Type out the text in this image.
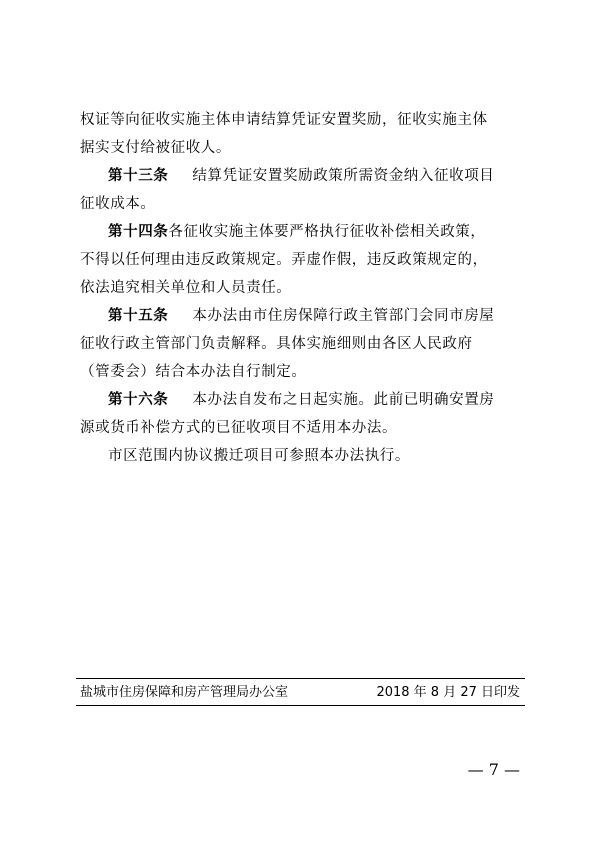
权证等向征收实施主体申请结算凭证安置奖励，征收实施主体
据实支付给被征收人。
第十三条 结算凭证安置奖励政策所需资金纳入征收项目
征收成本。
第十四条各征收实施主体要严格执行征收补偿相关政策，
不得以任何理由违反政策规定。弄虚作假，违反政策规定的，
依法追究相关单位和人员责任。
第十五条 本办法由市住房保障行政主管部门会同市房屋
征收行政主管部门负责解释。具体实施细则由各区人民政府
（管委会）结合本办法自行制定。
第十六条 本办法自发布之日起实施。此前已明确安置房
源或货币补偿方式的已征收项目不适用本办法。
市区范围内协议搬迁项目可参照本办法执行。
盐城市住房保障和房产管理局办公室	2018 年 8 月 27 日印发
— 7 —
